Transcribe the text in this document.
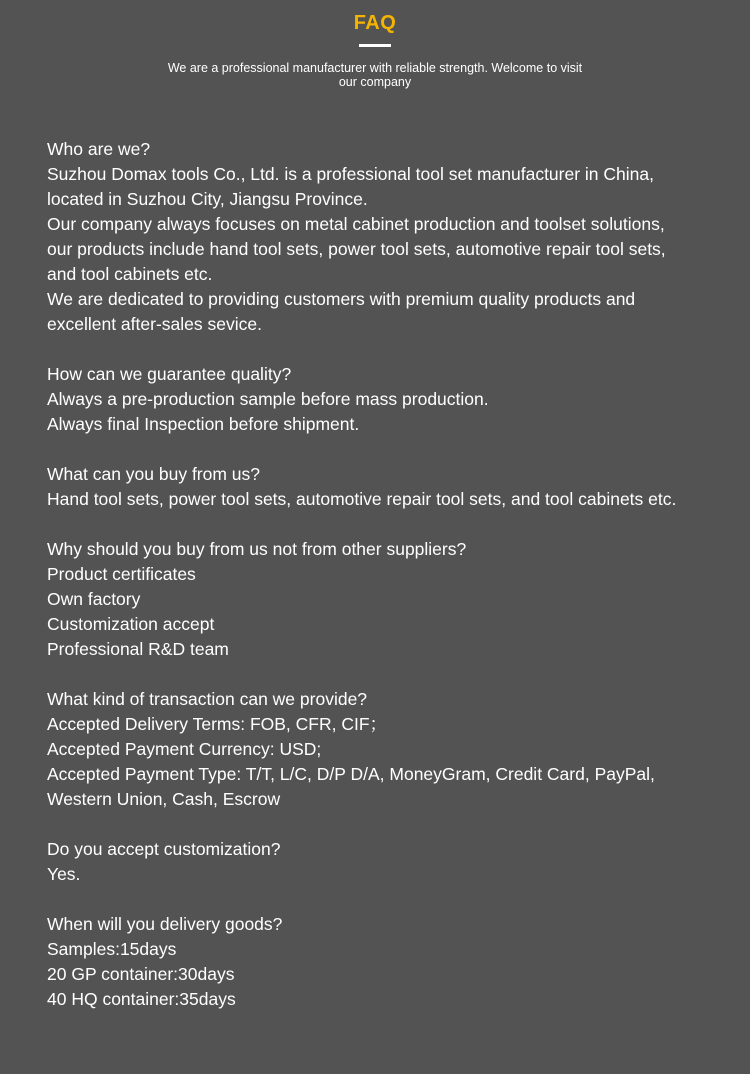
FAQ
We are a professional manufacturer with reliable strength. Welcome to visit
our company
Who are we?
Suzhou Domax tools Co., Ltd. is a professional tool set manufacturer in China,
located in Suzhou City, Jiangsu Province.
Our company always focuses on metal cabinet production and toolset solutions,
our products include hand tool sets, power tool sets, automotive repair tool sets,
and tool cabinets etc.
We are dedicated to providing customers with premium quality products and
excellent after-sales sevice.
How can we guarantee quality?
Always a pre-production sample before mass production.
Always final Inspection before shipment.
What can you buy from us?
Hand tool sets, power tool sets, automotive repair tool sets, and tool cabinets etc.
Why should you buy from us not from other suppliers?
Product certificates
Own factory
Customization accept
Professional R&D team
What kind of transaction can we provide?
Accepted Delivery Terms: FOB, CFR, CIF；
Accepted Payment Currency: USD;
Accepted Payment Type: T/T, L/C, D/P D/A, MoneyGram, Credit Card, PayPal,
Western Union, Cash, Escrow
Do you accept customization?
Yes.
When will you delivery goods?
Samples:15days
20 GP container:30days
40 HQ container:35days
